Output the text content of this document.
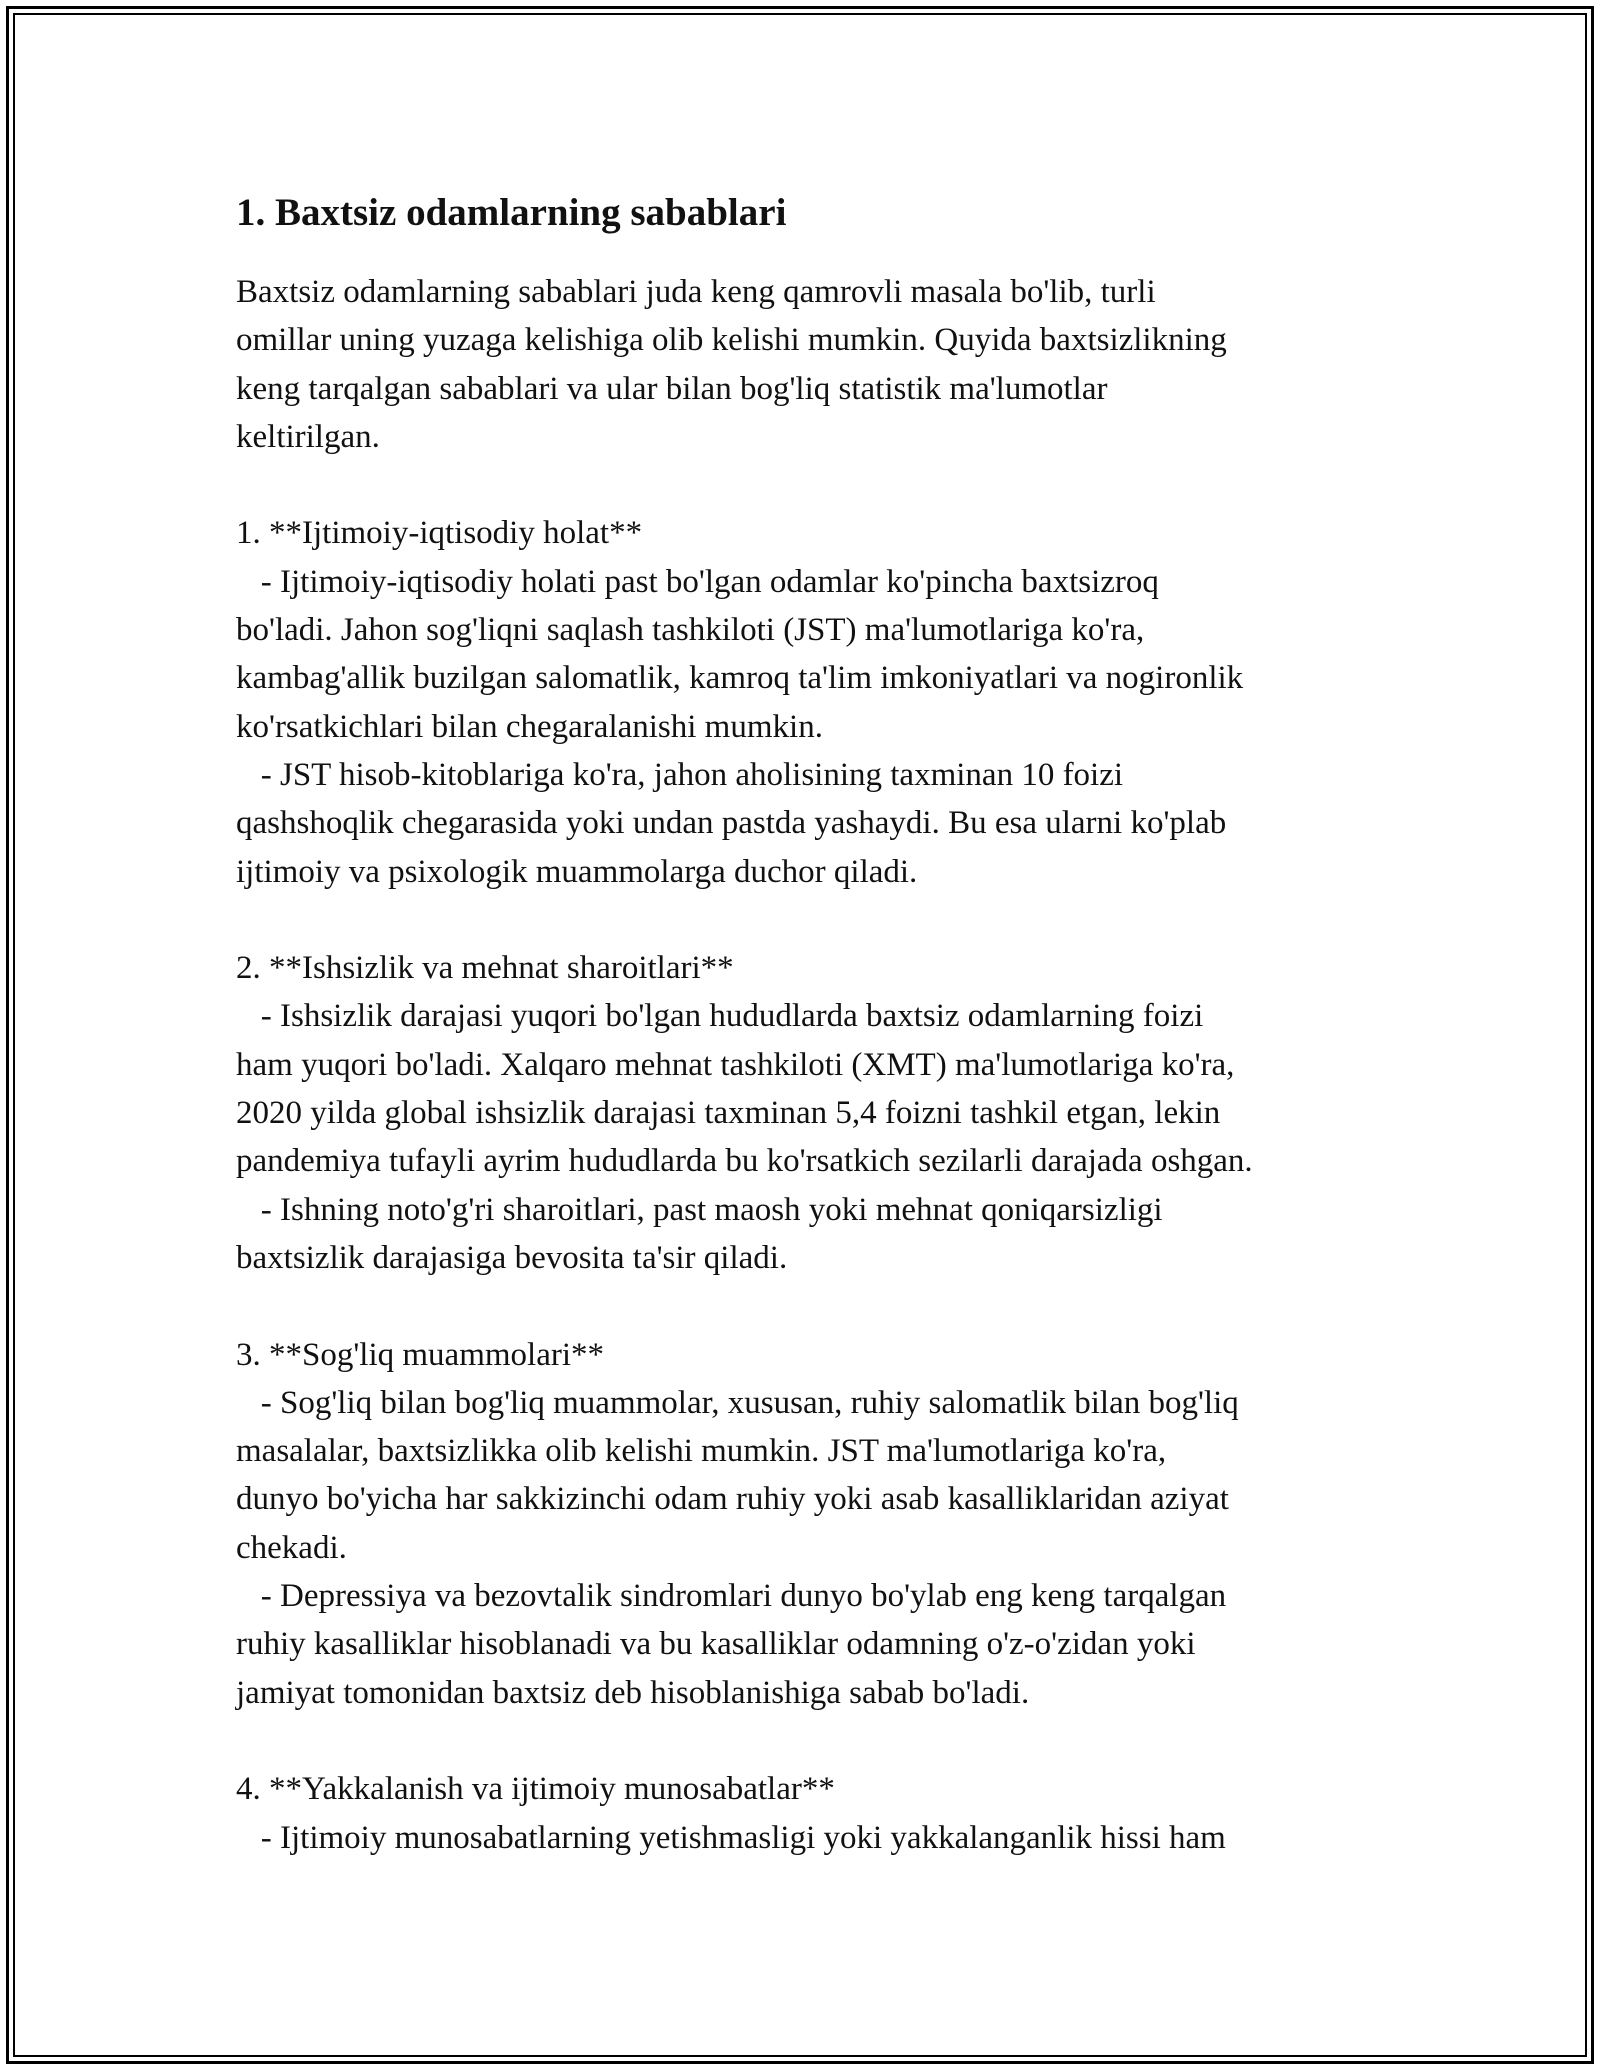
1. Baxtsiz odamlarning sabablari
Baxtsiz odamlarning sabablari juda keng qamrovli masala bo'lib, turli
omillar uning yuzaga kelishiga olib kelishi mumkin. Quyida baxtsizlikning
keng tarqalgan sabablari va ular bilan bog'liq statistik ma'lumotlar
keltirilgan.
1. **Ijtimoiy-iqtisodiy holat**
- Ijtimoiy-iqtisodiy holati past bo'lgan odamlar ko'pincha baxtsizroq
bo'ladi. Jahon sog'liqni saqlash tashkiloti (JST) ma'lumotlariga ko'ra,
kambag'allik buzilgan salomatlik, kamroq ta'lim imkoniyatlari va nogironlik
ko'rsatkichlari bilan chegaralanishi mumkin.
- JST hisob-kitoblariga ko'ra, jahon aholisining taxminan 10 foizi
qashshoqlik chegarasida yoki undan pastda yashaydi. Bu esa ularni ko'plab
ijtimoiy va psixologik muammolarga duchor qiladi.
2. **Ishsizlik va mehnat sharoitlari**
- Ishsizlik darajasi yuqori bo'lgan hududlarda baxtsiz odamlarning foizi
ham yuqori bo'ladi. Xalqaro mehnat tashkiloti (XMT) ma'lumotlariga ko'ra,
2020 yilda global ishsizlik darajasi taxminan 5,4 foizni tashkil etgan, lekin
pandemiya tufayli ayrim hududlarda bu ko'rsatkich sezilarli darajada oshgan.
- Ishning noto'g'ri sharoitlari, past maosh yoki mehnat qoniqarsizligi
baxtsizlik darajasiga bevosita ta'sir qiladi.
3. **Sog'liq muammolari**
- Sog'liq bilan bog'liq muammolar, xususan, ruhiy salomatlik bilan bog'liq
masalalar, baxtsizlikka olib kelishi mumkin. JST ma'lumotlariga ko'ra,
dunyo bo'yicha har sakkizinchi odam ruhiy yoki asab kasalliklaridan aziyat
chekadi.
- Depressiya va bezovtalik sindromlari dunyo bo'ylab eng keng tarqalgan
ruhiy kasalliklar hisoblanadi va bu kasalliklar odamning o'z-o'zidan yoki
jamiyat tomonidan baxtsiz deb hisoblanishiga sabab bo'ladi.
4. **Yakkalanish va ijtimoiy munosabatlar**
- Ijtimoiy munosabatlarning yetishmasligi yoki yakkalanganlik hissi ham
